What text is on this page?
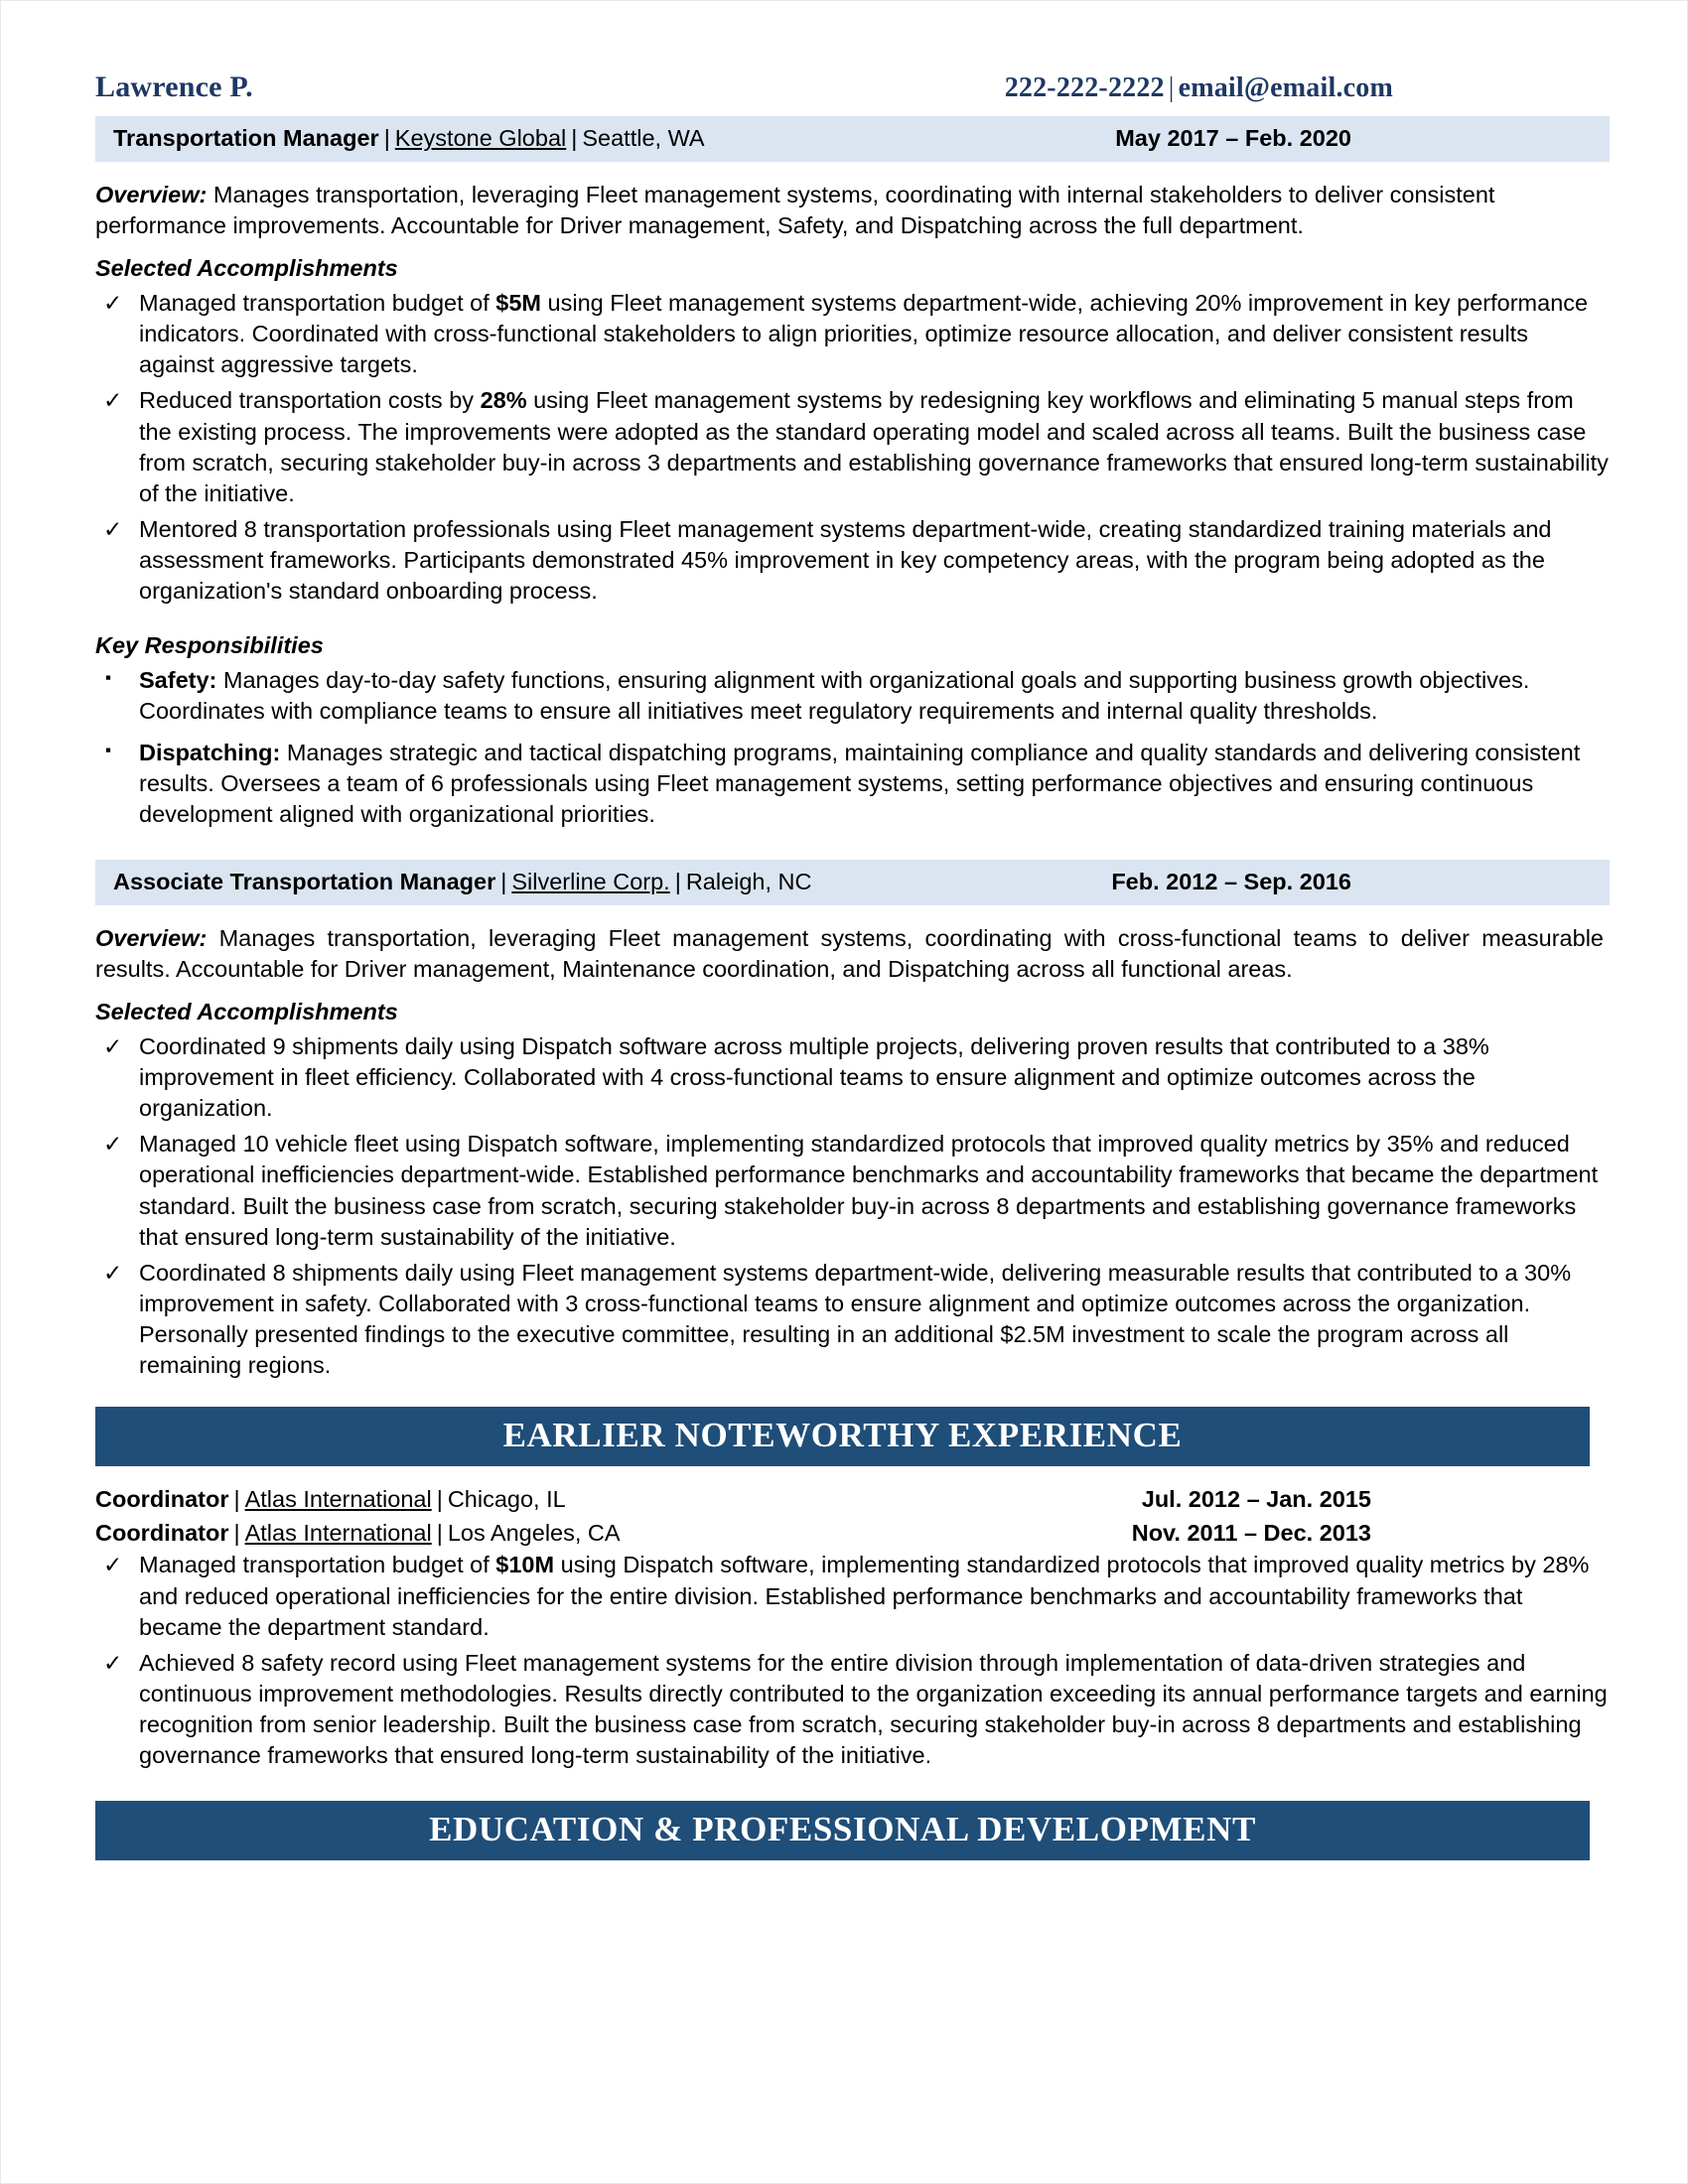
Lawrence P.	222-222-2222 | email@email.com
Transportation Manager | Keystone Global | Seattle, WA	May 2017 – Feb. 2020

Overview: Manages transportation, leveraging Fleet management systems, coordinating with internal stakeholders to deliver consistent performance improvements. Accountable for Driver management, Safety, and Dispatching across the full department.

Selected Accomplishments
✓ Managed transportation budget of $5M using Fleet management systems department-wide, achieving 20% improvement in key performance indicators. Coordinated with cross-functional stakeholders to align priorities, optimize resource allocation, and deliver consistent results against aggressive targets.
✓ Reduced transportation costs by 28% using Fleet management systems by redesigning key workflows and eliminating 5 manual steps from the existing process. The improvements were adopted as the standard operating model and scaled across all teams. Built the business case from scratch, securing stakeholder buy-in across 3 departments and establishing governance frameworks that ensured long-term sustainability of the initiative.
✓ Mentored 8 transportation professionals using Fleet management systems department-wide, creating standardized training materials and assessment frameworks. Participants demonstrated 45% improvement in key competency areas, with the program being adopted as the organization's standard onboarding process.
Key Responsibilities
▪ Safety: Manages day-to-day safety functions, ensuring alignment with organizational goals and supporting business growth objectives. Coordinates with compliance teams to ensure all initiatives meet regulatory requirements and internal quality thresholds.
▪ Dispatching: Manages strategic and tactical dispatching programs, maintaining compliance and quality standards and delivering consistent results. Oversees a team of 6 professionals using Fleet management systems, setting performance objectives and ensuring continuous development aligned with organizational priorities.
Associate Transportation Manager | Silverline Corp. | Raleigh, NC	Feb. 2012 – Sep. 2016

Overview: Manages transportation, leveraging Fleet management systems, coordinating with cross-functional teams to deliver measurable results. Accountable for Driver management, Maintenance coordination, and Dispatching across all functional areas.

Selected Accomplishments
✓ Coordinated 9 shipments daily using Dispatch software across multiple projects, delivering proven results that contributed to a 38% improvement in fleet efficiency. Collaborated with 4 cross-functional teams to ensure alignment and optimize outcomes across the organization.
✓ Managed 10 vehicle fleet using Dispatch software, implementing standardized protocols that improved quality metrics by 35% and reduced operational inefficiencies department-wide. Established performance benchmarks and accountability frameworks that became the department standard. Built the business case from scratch, securing stakeholder buy-in across 8 departments and establishing governance frameworks that ensured long-term sustainability of the initiative.
✓ Coordinated 8 shipments daily using Fleet management systems department-wide, delivering measurable results that contributed to a 30% improvement in safety. Collaborated with 3 cross-functional teams to ensure alignment and optimize outcomes across the organization. Personally presented findings to the executive committee, resulting in an additional $2.5M investment to scale the program across all remaining regions.
EARLIER NOTEWORTHY EXPERIENCE
Coordinator | Atlas International | Chicago, IL	Jul. 2012 – Jan. 2015
Coordinator | Atlas International | Los Angeles, CA	Nov. 2011 – Dec. 2013
✓ Managed transportation budget of $10M using Dispatch software, implementing standardized protocols that improved quality metrics by 28% and reduced operational inefficiencies for the entire division. Established performance benchmarks and accountability frameworks that became the department standard.
✓ Achieved 8 safety record using Fleet management systems for the entire division through implementation of data-driven strategies and continuous improvement methodologies. Results directly contributed to the organization exceeding its annual performance targets and earning recognition from senior leadership. Built the business case from scratch, securing stakeholder buy-in across 8 departments and establishing governance frameworks that ensured long-term sustainability of the initiative.
EDUCATION & PROFESSIONAL DEVELOPMENT
